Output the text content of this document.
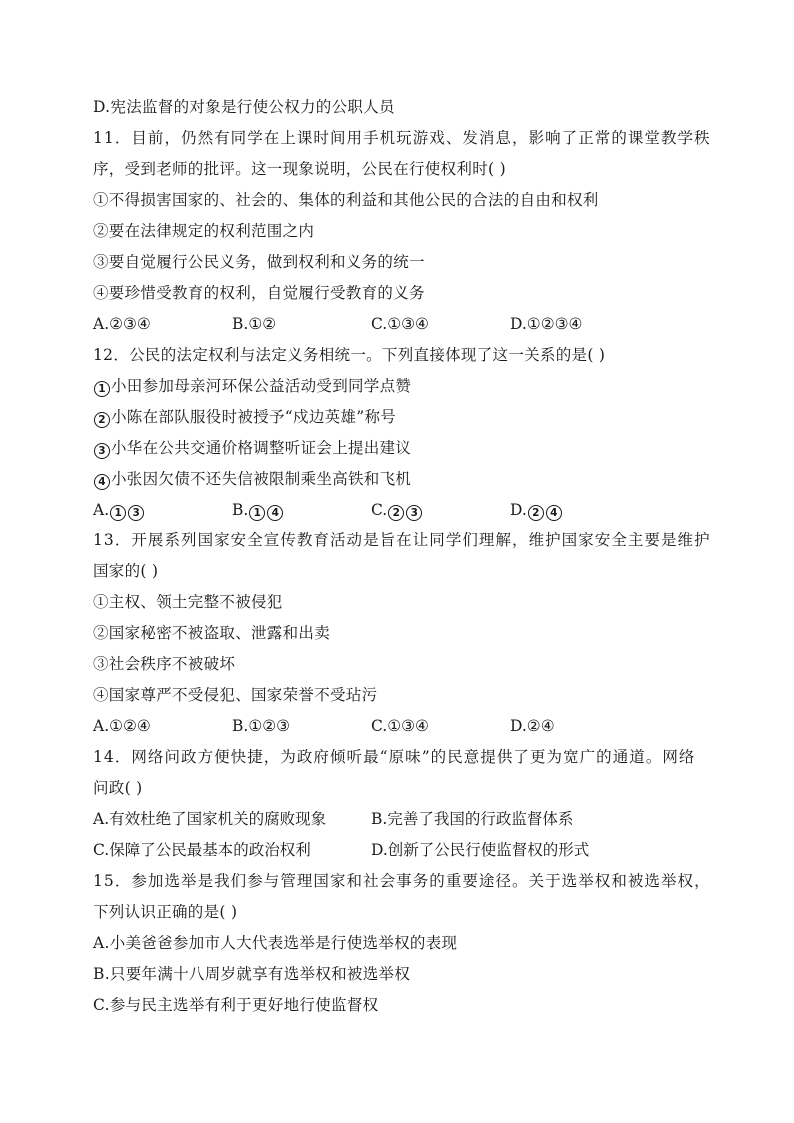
D.宪法监督的对象是行使公权力的公职人员
11．目前，仍然有同学在上课时间用手机玩游戏、发消息，影响了正常的课堂教学秩
序，受到老师的批评。这一现象说明，公民在行使权利时( )
①不得损害国家的、社会的、集体的利益和其他公民的合法的自由和权利
②要在法律规定的权利范围之内
③要自觉履行公民义务，做到权利和义务的统一
④要珍惜受教育的权利，自觉履行受教育的义务
A.②③④	B.①②	C.①③④	D.①②③④
12．公民的法定权利与法定义务相统一。下列直接体现了这一关系的是( )
1 小田参加母亲河环保公益活动受到同学点赞
2 小陈在部队服役时被授予“戍边英雄”称号
3 小华在公共交通价格调整听证会上提出建议
4 小张因欠债不还失信被限制乘坐高铁和飞机
A. 1 3	B. 1 4	C. 2 3	D. 2 4
13．开展系列国家安全宣传教育活动是旨在让同学们理解，维护国家安全主要是维护
国家的( )
①主权、领土完整不被侵犯
②国家秘密不被盗取、泄露和出卖
③社会秩序不被破坏
④国家尊严不受侵犯、国家荣誉不受玷污
A.①②④	B.①②③	C.①③④	D.②④
14．网络问政方便快捷，为政府倾听最“原味”的民意提供了更为宽广的通道。网络
问政( )
A.有效杜绝了国家机关的腐败现象	B.完善了我国的行政监督体系
C.保障了公民最基本的政治权利	D.创新了公民行使监督权的形式
15．参加选举是我们参与管理国家和社会事务的重要途径。关于选举权和被选举权，
下列认识正确的是( )
A.小美爸爸参加市人大代表选举是行使选举权的表现
B.只要年满十八周岁就享有选举权和被选举权
C.参与民主选举有利于更好地行使监督权
